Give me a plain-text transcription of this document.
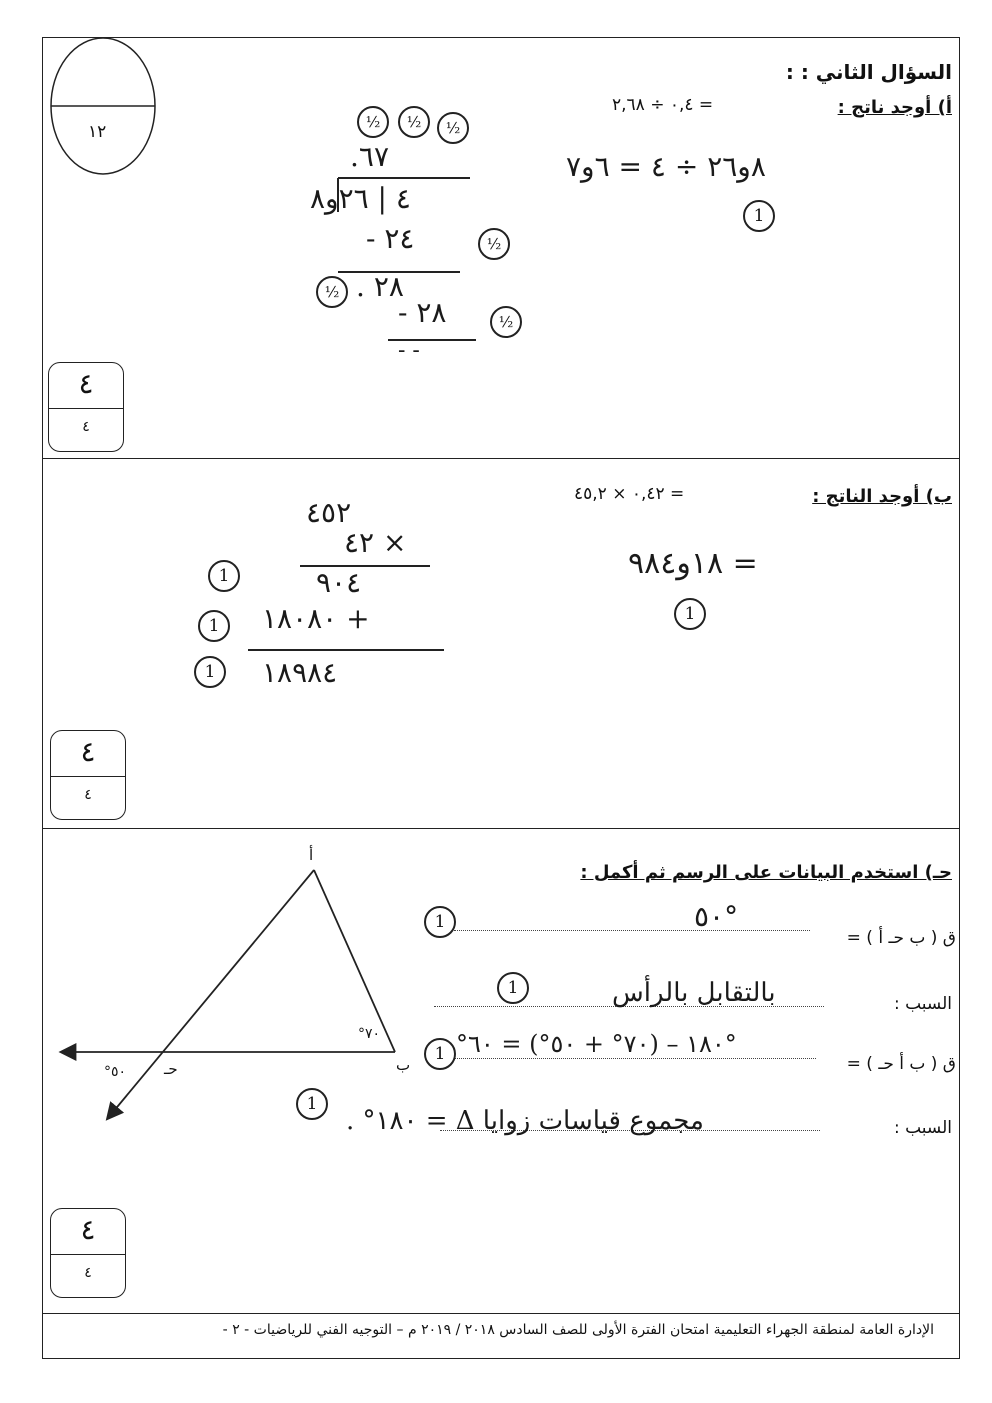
١٢
السؤال الثاني : :
أ) أوجد ناتج :
= ٠,٤ ÷ ٢,٦٨
٨و٢٦ ÷ ٤ = ٦و٧
1
½	½	½
٦٧.
٤ | ٢٦و٨
٢٤ -	½
½ ٢٨ .
٢٨ -	½
- -
٤
٤
ب) أوجد الناتج :
= ٠,٤٢ × ٤٥,٢
= ١٨و٩٨٤
1
٤٥٢
× ٤٢
٩٠٤
+ ١٨٠٨٠
١٨٩٨٤
1
1
1
٤
٤
حـ) استخدم البيانات على الرسم ثم أكمل :
أ
ب
حـ
٧٠°
٥٠°
ق ( ب حـ أ ) =
°٥٠
1
السبب :
بالتقابل بالرأس
1
ق ( ب أ حـ ) =
°١٨٠ – (٧٠° + ٥٠°) = ٦٠°
1
السبب :
مجموع قياسات زوايا Δ = ١٨٠° .
1
٤
٤
الإدارة العامة لمنطقة الجهراء التعليمية امتحان الفترة الأولى للصف السادس ٢٠١٨ / ٢٠١٩ م – التوجيه الفني للرياضيات - ٢ -
